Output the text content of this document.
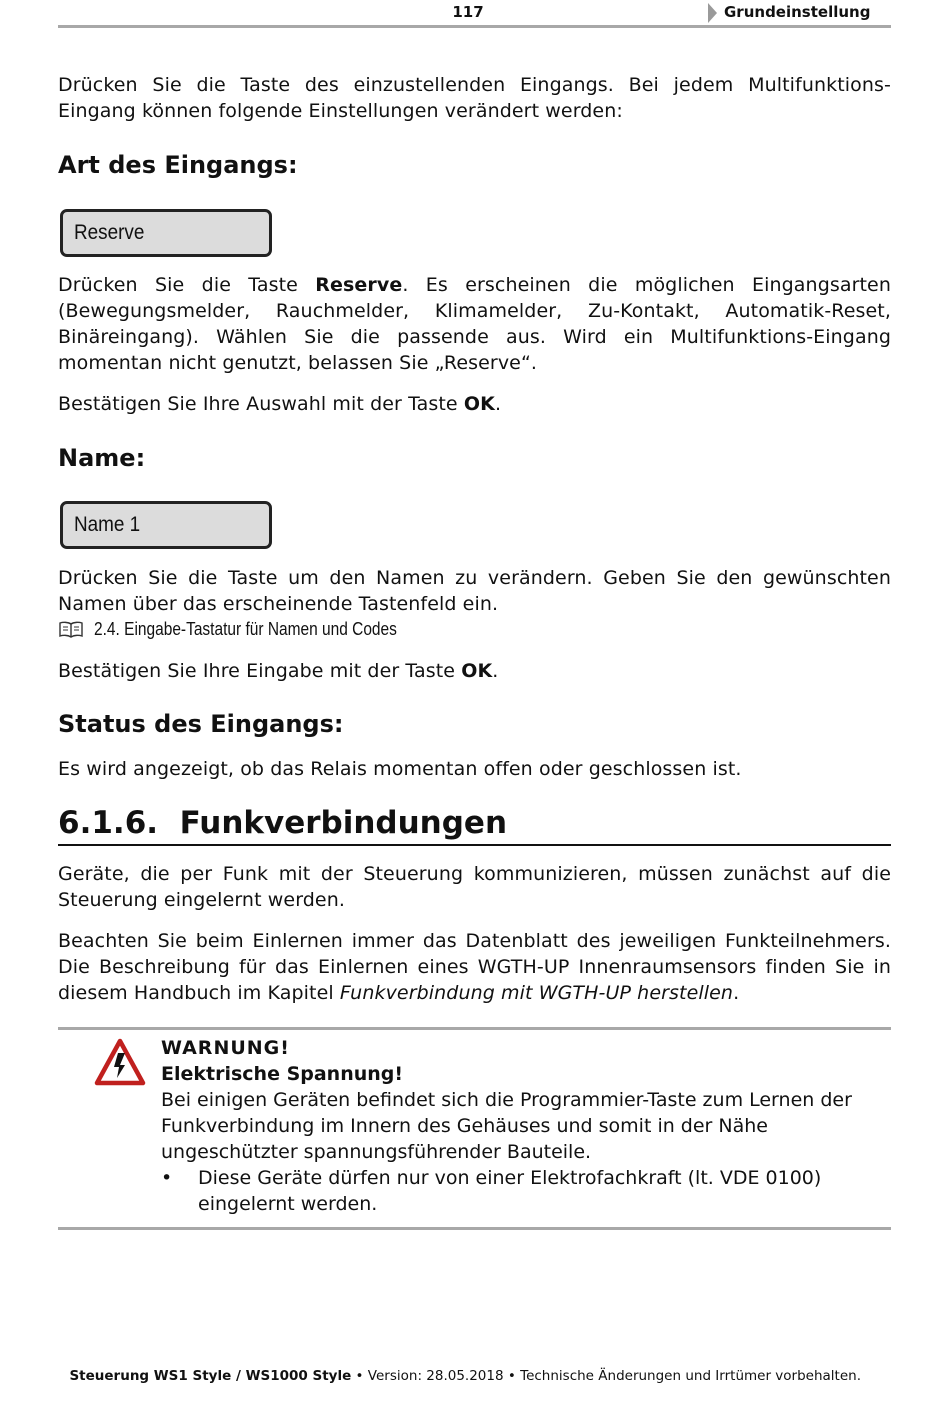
117	Grundeinstellung
Drücken Sie die Taste des einzustellenden Eingangs. Bei jedem Multifunktions-Eingang können folgende Einstellungen verändert werden:
Art des Eingangs:
Reserve
Drücken Sie die Taste Reserve. Es erscheinen die möglichen Eingangsarten (Bewegungsmelder, Rauchmelder, Klimamelder, Zu-Kontakt, Automatik-Reset, Binäreingang). Wählen Sie die passende aus. Wird ein Multifunktions-Eingang momentan nicht genutzt, belassen Sie „Reserve“.
Bestätigen Sie Ihre Auswahl mit der Taste OK.
Name:
Name 1
Drücken Sie die Taste um den Namen zu verändern. Geben Sie den gewünschten Namen über das erscheinende Tastenfeld ein.
2.4. Eingabe-Tastatur für Namen und Codes
Bestätigen Sie Ihre Eingabe mit der Taste OK.
Status des Eingangs:
Es wird angezeigt, ob das Relais momentan offen oder geschlossen ist.
6.1.6.  Funkverbindungen
Geräte, die per Funk mit der Steuerung kommunizieren, müssen zunächst auf die Steuerung eingelernt werden.
Beachten Sie beim Einlernen immer das Datenblatt des jeweiligen Funkteilnehmers. Die Beschreibung für das Einlernen eines WGTH-UP Innenraumsensors finden Sie in diesem Handbuch im Kapitel Funkverbindung mit WGTH-UP herstellen.
WARNUNG!
Elektrische Spannung!
Bei einigen Geräten befindet sich die Programmier-Taste zum Lernen der Funkverbindung im Innern des Gehäuses und somit in der Nähe ungeschützter spannungsführender Bauteile.
• Diese Geräte dürfen nur von einer Elektrofachkraft (lt. VDE 0100) eingelernt werden.
Steuerung WS1 Style / WS1000 Style • Version: 28.05.2018 • Technische Änderungen und Irrtümer vorbehalten.
